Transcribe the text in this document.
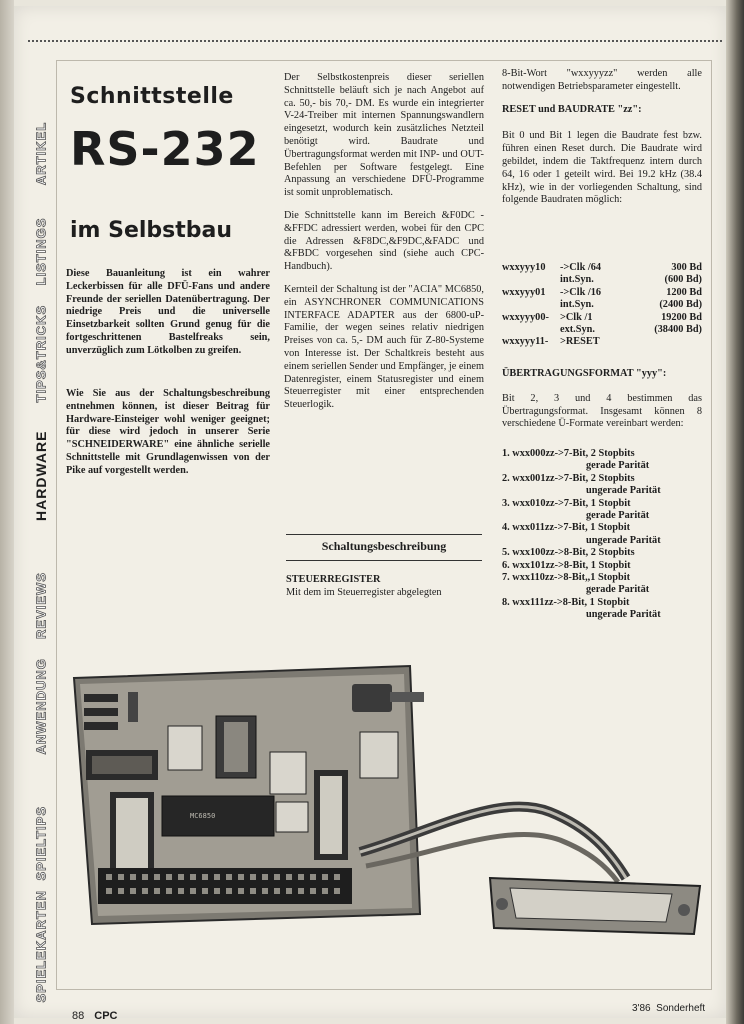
SPIELEKARTEN
SPIELTIPS
ANWENDUNG
REVIEWS
HARDWARE
TIPS&TRICKS
LISTINGS
ARTIKEL
Schnittstelle
RS-232
im Selbstbau
Diese Bauanleitung ist ein wahrer Leckerbissen für alle DFÜ-Fans und andere Freunde der seriellen Datenübertragung. Der niedrige Preis und die universelle Einsetzbarkeit sollten Grund genug für die fortgeschrittenen Bastelfreaks sein, unverzüglich zum Lötkolben zu greifen.
Wie Sie aus der Schaltungsbeschreibung entnehmen können, ist dieser Beitrag für Hardware-Einsteiger wohl weniger geeignet; für diese wird jedoch in unserer Serie "SCHNEIDERWARE" eine ähnliche serielle Schnittstelle mit Grundlagenwissen von der Pike auf vorgestellt werden.

Der Selbstkostenpreis dieser seriellen Schnittstelle beläuft sich je nach Angebot auf ca. 50,- bis 70,- DM. Es wurde ein integrierter V-24-Treiber mit internen Spannungswandlern eingesetzt, wodurch kein zusätzliches Netzteil benötigt wird. Baudrate und Übertragungsformat werden mit INP- und OUT-Befehlen per Software festgelegt. Eine Anpassung an verschiedene DFÜ-Programme ist somit unproblematisch.

Die Schnittstelle kann im Bereich &F0DC - &FFDC adressiert werden, wobei für den CPC die Adressen &F8DC,&F9DC,&FADC und &FBDC vorgesehen sind (siehe auch CPC-Handbuch).

Kernteil der Schaltung ist der "ACIA" MC6850, ein ASYNCHRONER COMMUNICATIONS INTERFACE ADAPTER aus der 6800-uP-Familie, der wegen seines relativ niedrigen Preises von ca. 5,- DM auch für Z-80-Systeme von Interesse ist. Der Schaltkreis besteht aus einem seriellen Sender und Empfänger, je einem Datenregister, einem Statusregister und einem Steuerregister mit einer entsprechenden Steuerlogik.

Schaltungsbeschreibung
STEUERREGISTER
Mit dem im Steuerregister abgelegten

8-Bit-Wort "wxxyyyzz" werden alle notwendigen Betriebsparameter eingestellt.

RESET und BAUDRATE "zz":

Bit 0 und Bit 1 legen die Baudrate fest bzw. führen einen Reset durch. Die Baudrate wird gebildet, indem die Taktfrequenz intern durch 64, 16 oder 1 geteilt wird. Bei 19.2 kHz (38.4 kHz), wie in der vorliegenden Schaltung, sind folgende Baudraten möglich:

wxxyyy10	->Clk /64	300 Bd
int.Syn.	(600 Bd)
wxxyyy01	->Clk /16	1200 Bd
int.Syn.	(2400 Bd)
wxxyyy00-	>Clk /1	19200 Bd
ext.Syn.	(38400 Bd)
wxxyyy11-	>RESET

ÜBERTRAGUNGSFORMAT "yyy":

Bit 2, 3 und 4 bestimmen das Übertragungsformat. Insgesamt können 8 verschiedene Ü-Formate vereinbart werden:

1. wxx000zz->7-Bit, 2 Stopbits
gerade Parität
2. wxx001zz->7-Bit, 2 Stopbits
ungerade Parität
3. wxx010zz->7-Bit, 1 Stopbit
gerade Parität
4. wxx011zz->7-Bit, 1 Stopbit
ungerade Parität
5. wxx100zz->8-Bit, 2 Stopbits
6. wxx101zz->8-Bit, 1 Stopbit
7. wxx110zz->8-Bit,,1 Stopbit
gerade Parität
8. wxx111zz->8-Bit, 1 Stopbit
ungerade Parität
MC6850
88 CPC
3'86 Sonderheft
